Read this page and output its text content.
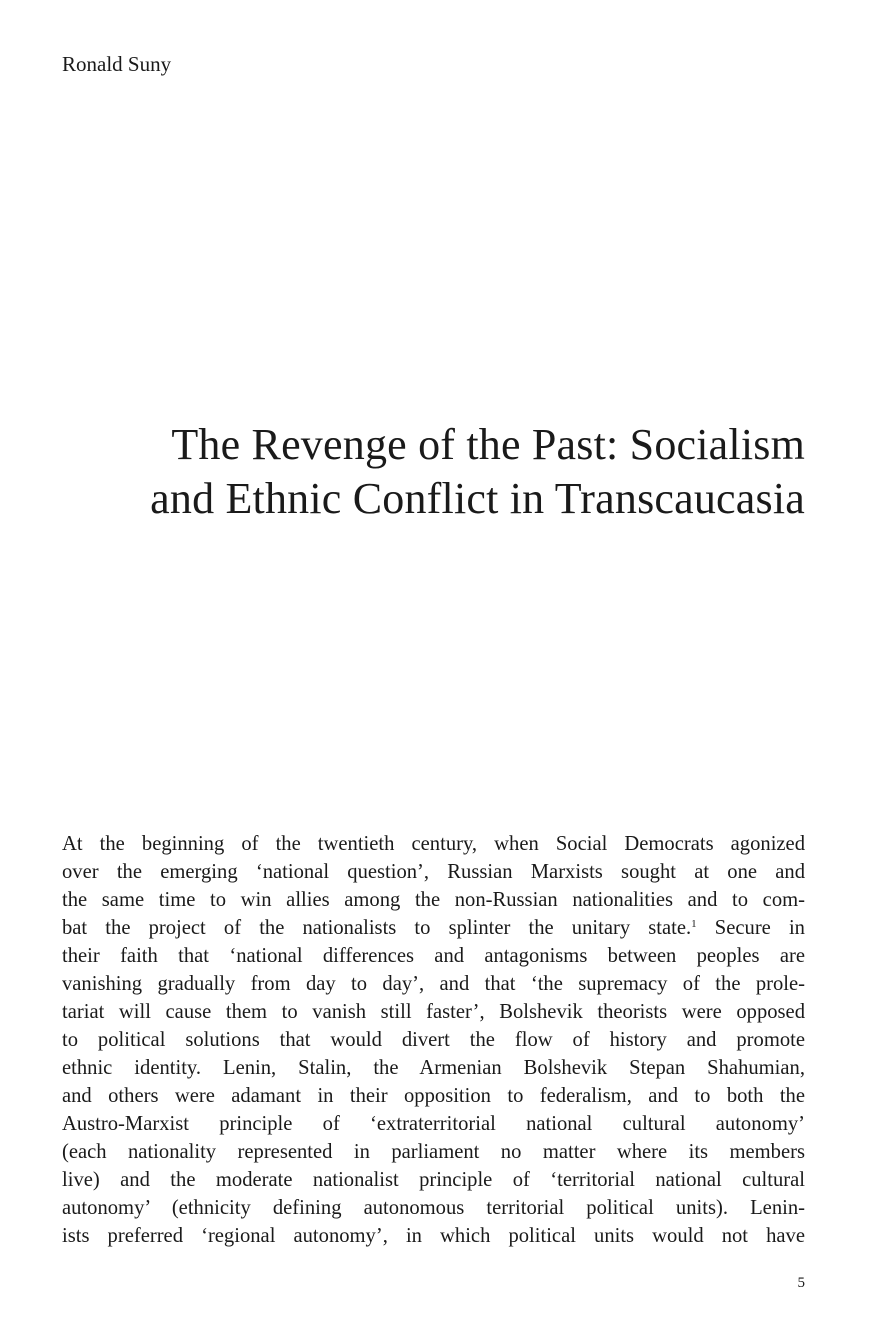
Ronald Suny

The Revenge of the Past: Socialism
and Ethnic Conflict in Transcaucasia
At the beginning of the twentieth century, when Social Democrats agonized
over the emerging ‘national question’, Russian Marxists sought at one and
the same time to win allies among the non-Russian nationalities and to com-
bat the project of the nationalists to splinter the unitary state.$^1$ Secure in
their faith that ‘national differences and antagonisms between peoples are
vanishing gradually from day to day’, and that ‘the supremacy of the prole-
tariat will cause them to vanish still faster’, Bolshevik theorists were opposed
to political solutions that would divert the flow of history and promote
ethnic identity. Lenin, Stalin, the Armenian Bolshevik Stepan Shahumian,
and others were adamant in their opposition to federalism, and to both the
Austro-Marxist principle of ‘extraterritorial national cultural autonomy’
(each nationality represented in parliament no matter where its members
live) and the moderate nationalist principle of ‘territorial national cultural
autonomy’ (ethnicity defining autonomous territorial political units). Lenin-
ists preferred ‘regional autonomy’, in which political units would not have

5
